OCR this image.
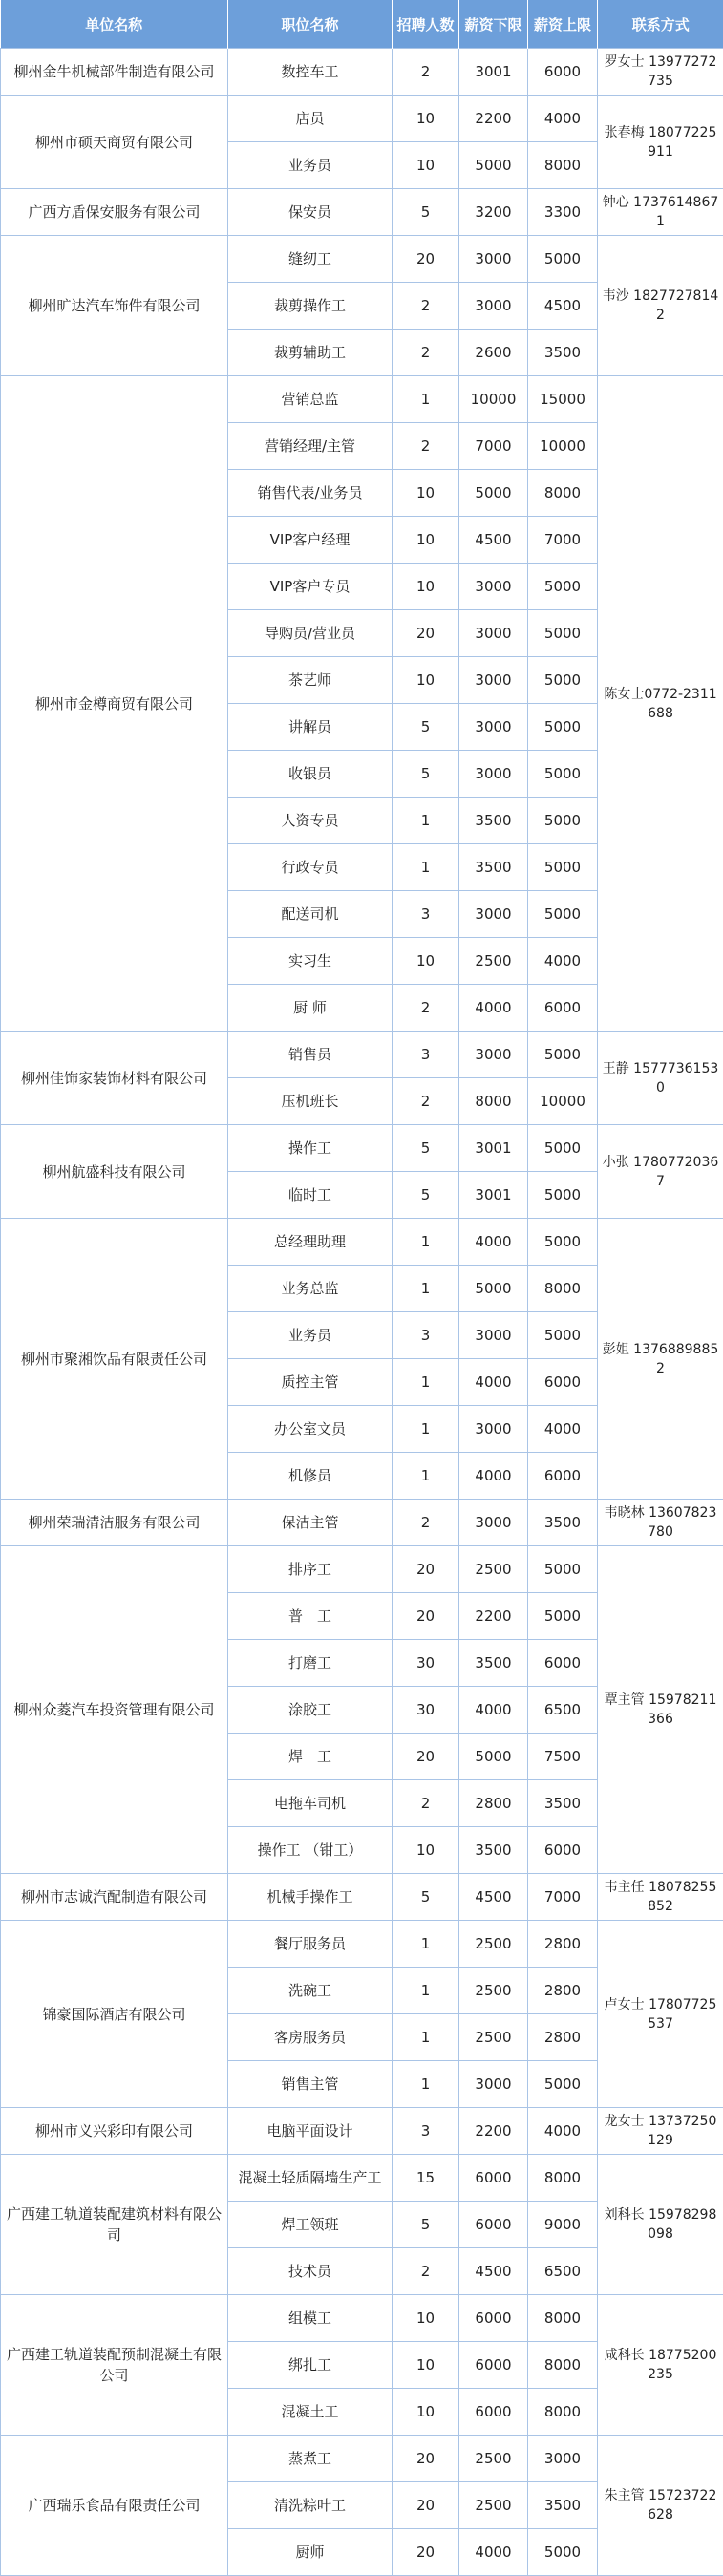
单位名称	职位名称	招聘人数	薪资下限	薪资上限	联系方式
柳州金牛机械部件制造有限公司	数控车工	2	3001	6000	罗女士 13977272735
柳州市硕天商贸有限公司	店员	10	2200	4000	张春梅 18077225911
	业务员	10	5000	8000	
广西方盾保安服务有限公司	保安员	5	3200	3300	钟心 17376148671
柳州旷达汽车饰件有限公司	缝纫工	20	3000	5000	韦沙 18277278142
	裁剪操作工	2	3000	4500	
	裁剪辅助工	2	2600	3500	
柳州市金樽商贸有限公司	营销总监	1	10000	15000	陈女士0772-2311688
	营销经理/主管	2	7000	10000	
	销售代表/业务员	10	5000	8000	
	VIP客户经理	10	4500	7000	
	VIP客户专员	10	3000	5000	
	导购员/营业员	20	3000	5000	
	茶艺师	10	3000	5000	
	讲解员	5	3000	5000	
	收银员	5	3000	5000	
	人资专员	1	3500	5000	
	行政专员	1	3500	5000	
	配送司机	3	3000	5000	
	实习生	10	2500	4000	
	厨 师	2	4000	6000	
柳州佳饰家装饰材料有限公司	销售员	3	3000	5000	王静 15777361530
	压机班长	2	8000	10000	
柳州航盛科技有限公司	操作工	5	3001	5000	小张 17807720367
	临时工	5	3001	5000	
柳州市聚湘饮品有限责任公司	总经理助理	1	4000	5000	彭姐 13768898852
	业务总监	1	5000	8000	
	业务员	3	3000	5000	
	质控主管	1	4000	6000	
	办公室文员	1	3000	4000	
	机修员	1	4000	6000	
柳州荣瑞清洁服务有限公司	保洁主管	2	3000	3500	韦晓林 13607823780
柳州众菱汽车投资管理有限公司	排序工	20	2500	5000	覃主管 15978211366
	普　工	20	2200	5000	
	打磨工	30	3500	6000	
	涂胶工	30	4000	6500	
	焊　工	20	5000	7500	
	电拖车司机	2	2800	3500	
	操作工 （钳工）	10	3500	6000	
柳州市志诚汽配制造有限公司	机械手操作工	5	4500	7000	韦主任 18078255852
锦豪国际酒店有限公司	餐厅服务员	1	2500	2800	卢女士 17807725537
	洗碗工	1	2500	2800	
	客房服务员	1	2500	2800	
	销售主管	1	3000	5000	
柳州市义兴彩印有限公司	电脑平面设计	3	2200	4000	龙女士 13737250129
广西建工轨道装配建筑材料有限公司	混凝土轻质隔墙生产工	15	6000	8000	刘科长 15978298098
	焊工领班	5	6000	9000	
	技术员	2	4500	6500	
广西建工轨道装配预制混凝土有限公司	组模工	10	6000	8000	咸科长 18775200235
	绑扎工	10	6000	8000	
	混凝土工	10	6000	8000	
广西瑞乐食品有限责任公司	蒸煮工	20	2500	3000	朱主管 15723722628
	清洗粽叶工	20	2500	3500	
	厨师	20	4000	5000	
